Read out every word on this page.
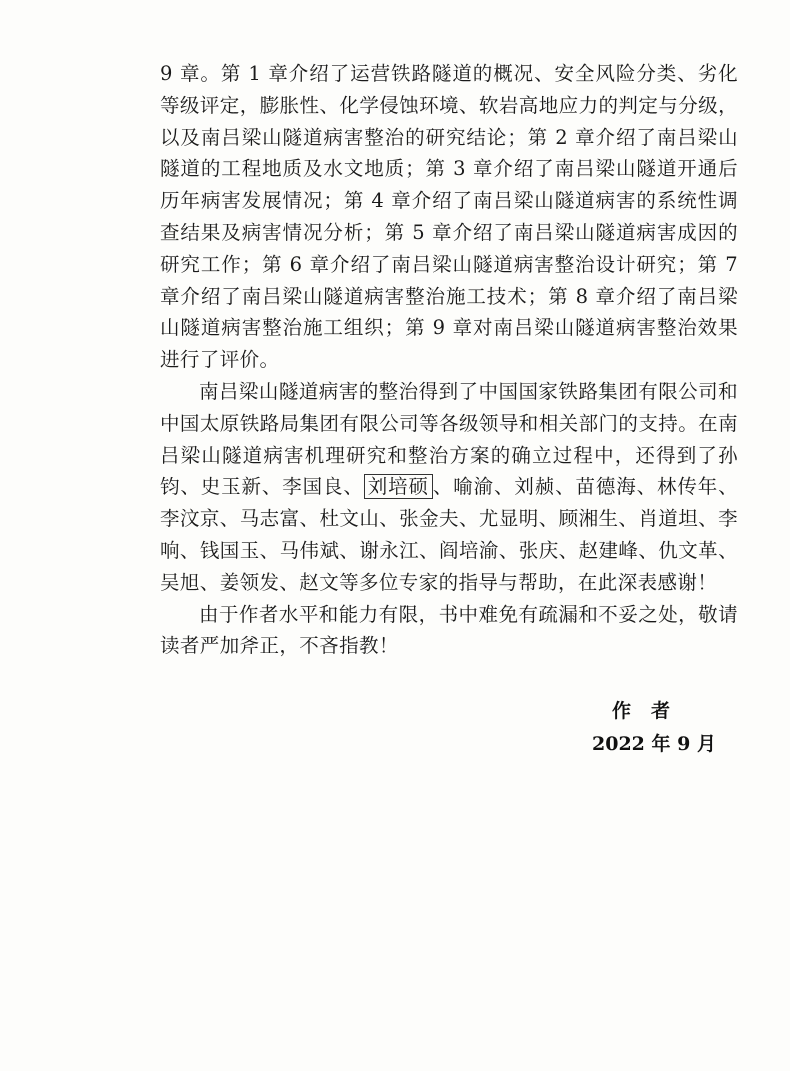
9 章。第 1 章介绍了运营铁路隧道的概况、安全风险分类、劣化等级评定，膨胀性、化学侵蚀环境、软岩高地应力的判定与分级，以及南吕梁山隧道病害整治的研究结论；第 2 章介绍了南吕梁山隧道的工程地质及水文地质；第 3 章介绍了南吕梁山隧道开通后历年病害发展情况；第 4 章介绍了南吕梁山隧道病害的系统性调查结果及病害情况分析；第 5 章介绍了南吕梁山隧道病害成因的研究工作；第 6 章介绍了南吕梁山隧道病害整治设计研究；第 7 章介绍了南吕梁山隧道病害整治施工技术；第 8 章介绍了南吕梁山隧道病害整治施工组织；第 9 章对南吕梁山隧道病害整治效果进行了评价。

南吕梁山隧道病害的整治得到了中国国家铁路集团有限公司和中国太原铁路局集团有限公司等各级领导和相关部门的支持。在南吕梁山隧道病害机理研究和整治方案的确立过程中，还得到了孙钧、史玉新、李国良、 刘培硕 、喻渝、刘赪、苗德海、林传年、李汶京、马志富、杜文山、张金夫、尤显明、顾湘生、肖道坦、李响、钱国玉、马伟斌、谢永江、阎培渝、张庆、赵建峰、仇文革、吴旭、姜领发、赵文等多位专家的指导与帮助，在此深表感谢！

由于作者水平和能力有限，书中难免有疏漏和不妥之处，敬请读者严加斧正，不吝指教！

作者
2022 年 9 月
